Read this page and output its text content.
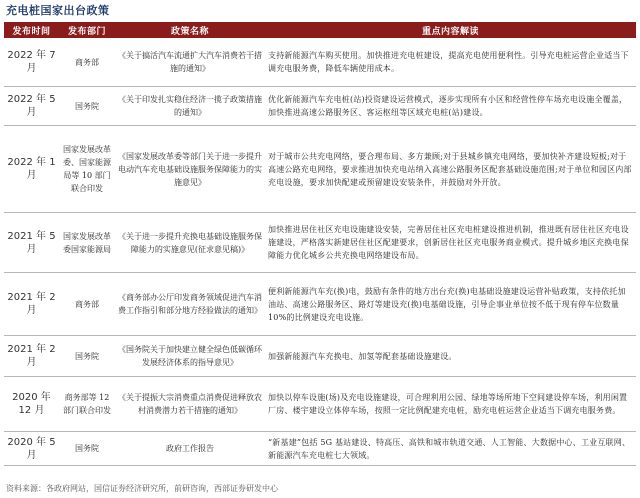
充电桩国家出台政策
发布时间	发布部门	政策名称	重点内容解读
2022 年 7 月	商务部	《关于搞活汽车流通扩大汽车消费若干措施的通知》	支持新能源汽车购买使用。加快推进充电桩建设，提高充电使用便利性。引导充电桩运营企业适当下调充电服务费，降低车辆使用成本。
2022 年 5 月	国务院	《关于印发扎实稳住经济一揽子政策措施的通知》	优化新能源汽车充电桩(站)投资建设运营模式，逐步实现所有小区和经营性停车场充电设施全覆盖，加快推进高速公路服务区、客运枢纽等区域充电桩(站)建设。
2022 年 1 月	国家发展改革委、国家能源局等 10 部门联合印发	《国家发展改革委等部门关于进一步提升电动汽车充电基础设施服务保障能力的实施意见》	对于城市公共充电网络，要合理布局、多方兼顾;对于县城乡镇充电网络，要加快补齐建设短板;对于高速公路充电网络，要求推进加快充电站纳入高速公路服务区配套基础设施范围;对于单位和园区内部充电设施，要求加快配建或预留建设安装条件，并鼓励对外开放。
2021 年 5 月	国家发展改革委国家能源局	《关于进一步提升充换电基础设施服务保障能力的实施意见(征求意见稿)》	加快推进居住社区充电设施建设安装，完善居住社区充电桩建设推进机制，推进既有居住社区充电设施建设，严格落实新建居住社区配建要求，创新居住社区充电服务商业模式。提升城乡地区充换电保障能力优化城乡公共充换电网络建设布局。
2021 年 2 月	商务部	《商务部办公厅印发商务领域促进汽车消费工作指引和部分地方经验做法的通知》	便利新能源汽车充(换)电，鼓励有条件的地方出台充(换)电基础设施建设运营补贴政策，支持依托加油站、高速公路服务区、路灯等建设充(换)电基础设施，引导企事业单位按不低于现有停车位数量 10%的比例建设充电设施。
2021 年 2 月	国务院	《国务院关于加快建立健全绿色低碳循环发展经济体系的指导意见》	加强新能源汽车充换电、加氢等配套基础设施建设。
2020 年 12 月	商务部等 12 部门联合印发	《关于提振大宗消费重点消费促进释放农村消费潜力若干措施的通知》	加快以停车设施(场)及充电设施建设，可合理利用公园、绿地等场所地下空间建设停车场，利用闲置厂房、楼宇建设立体停车场，按照一定比例配建充电桩，励充电桩运营企业适当下调充电服务费。
2020 年 5 月	国务院	政府工作报告	“新基建”包括 5G 基站建设、特高压、高铁和城市轨道交通、人工智能、大数据中心、工业互联网、新能源汽车充电桩七大领域。
资料来源：各政府网站，国信证券经济研究所，前研咨询，西部证券研发中心
